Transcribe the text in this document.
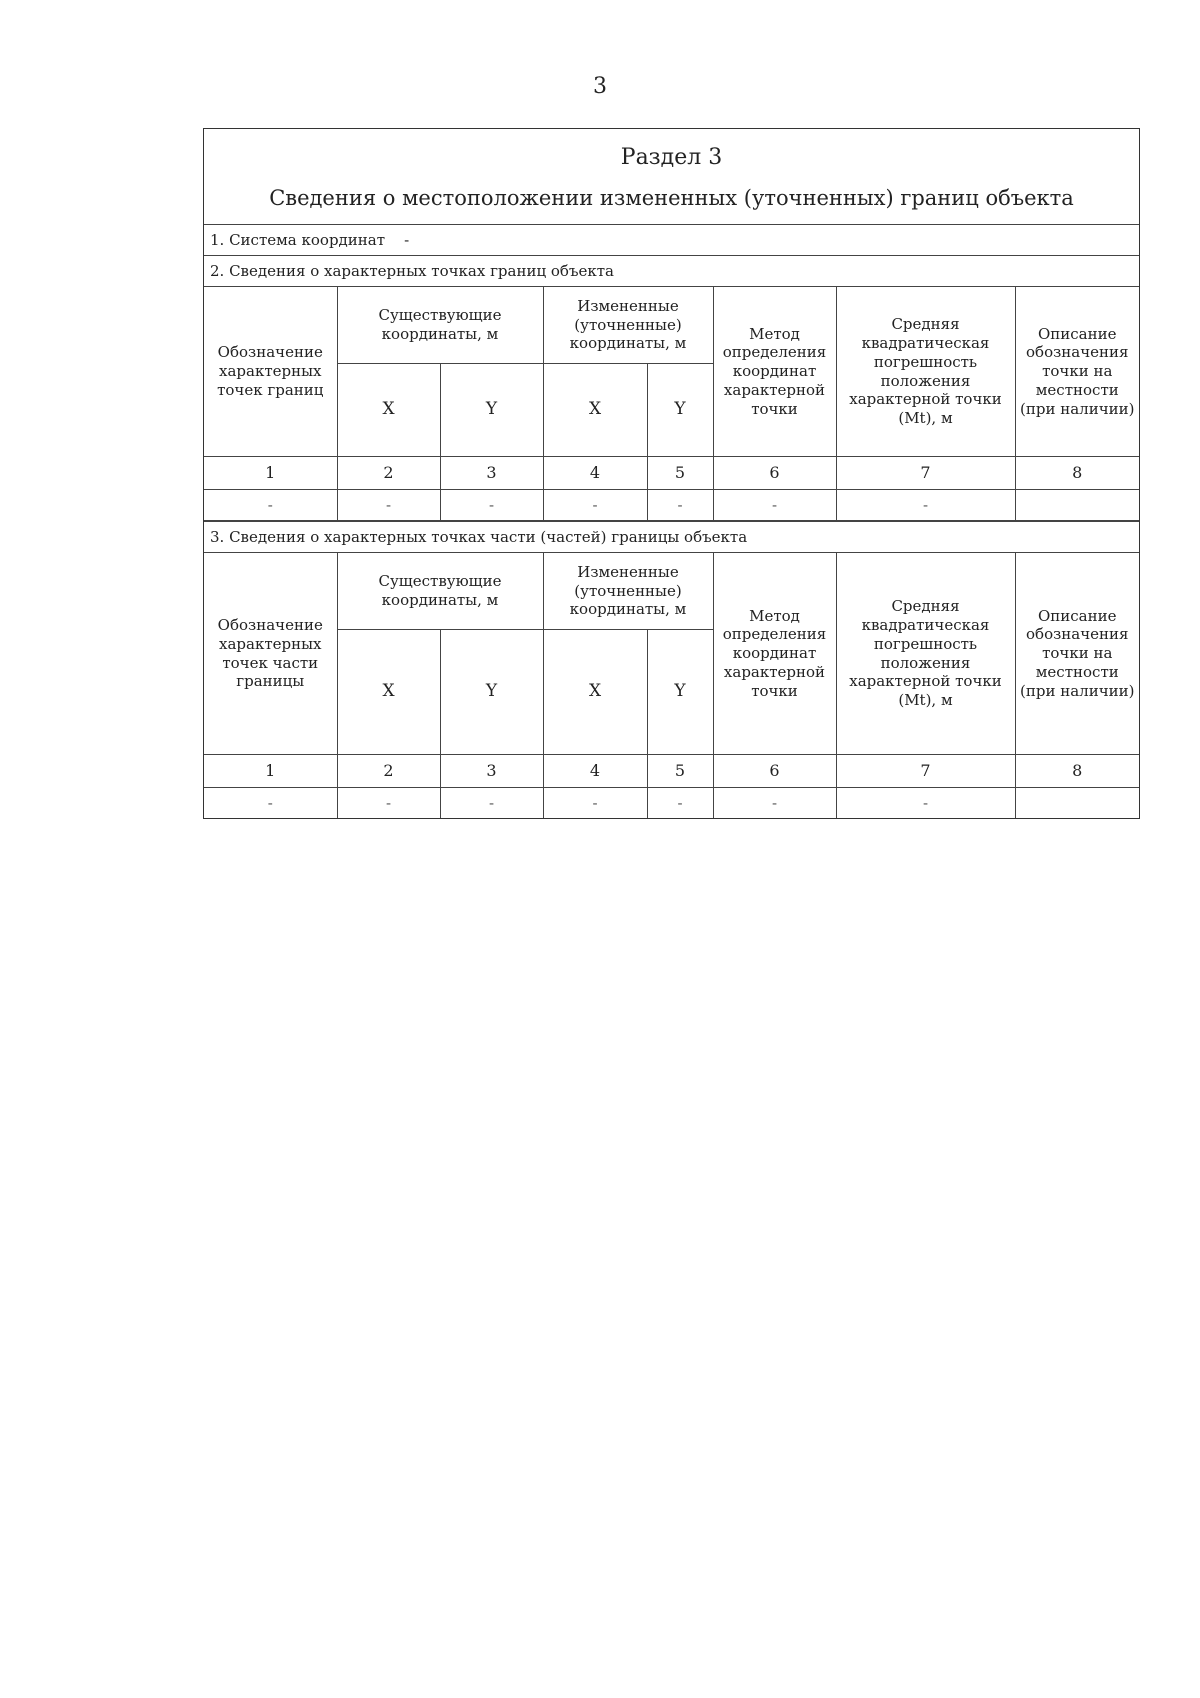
3
Раздел 3
Сведения о местоположении измененных (уточненных) границ объекта
1. Система координат -
2. Сведения о характерных точках границ объекта
Обозначение характерных точек границ	Существующие координаты, м		Измененные (уточненные) координаты, м		Метод определения координат характерной точки	Средняя квадратическая погрешность положения характерной точки (Mt), м	Описание обозначения точки на местности (при наличии)
	X	Y	X	Y			
1	2	3	4	5	6	7	8
-	-	-	-	-	-	-	
3. Сведения о характерных точках части (частей) границы объекта
Обозначение характерных точек части границы	Существующие координаты, м		Измененные (уточненные) координаты, м		Метод определения координат характерной точки	Средняя квадратическая погрешность положения характерной точки (Mt), м	Описание обозначения точки на местности (при наличии)
	X	Y	X	Y			
1	2	3	4	5	6	7	8
-	-	-	-	-	-	-	
